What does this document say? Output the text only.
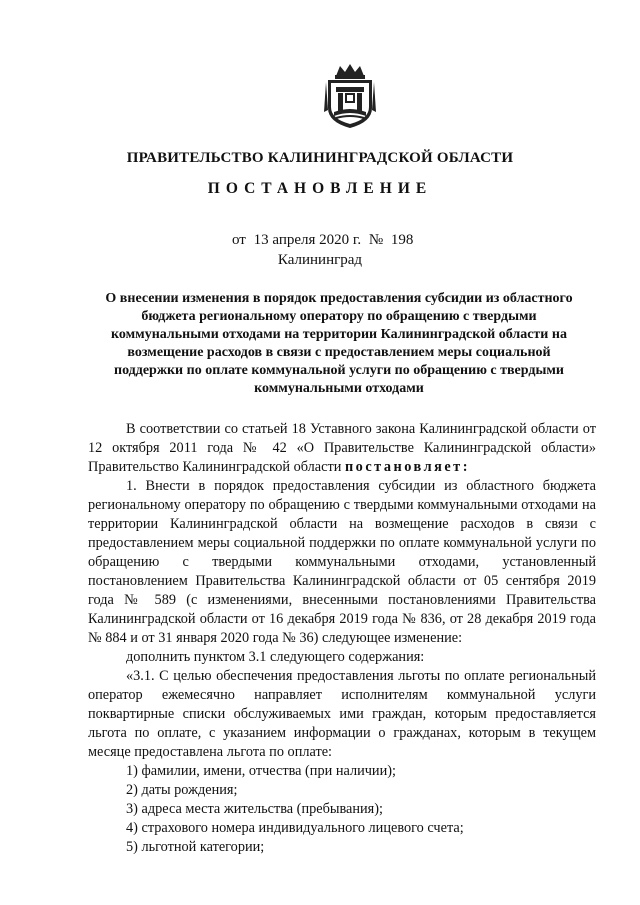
ПРАВИТЕЛЬСТВО КАЛИНИНГРАДСКОЙ ОБЛАСТИ
ПОСТАНОВЛЕНИЕ
от 13 апреля 2020 г. № 198
Калининград
О внесении изменения в порядок предоставления субсидии из областного
бюджета региональному оператору по обращению с твердыми
коммунальными отходами на территории Калининградской области на
возмещение расходов в связи с предоставлением меры социальной
поддержки по оплате коммунальной услуги по обращению с твердыми
коммунальными отходами

В соответствии со статьей 18 Уставного закона Калининградской области от 12 октября 2011 года № 42 «О Правительстве Калининградской области» Правительство Калининградской области постановляет:

1. Внести в порядок предоставления субсидии из областного бюджета региональному оператору по обращению с твердыми коммунальными отходами на территории Калининградской области на возмещение расходов в связи с предоставлением меры социальной поддержки по оплате коммунальной услуги по обращению с твердыми коммунальными отходами, установленный постановлением Правительства Калининградской области от 05 сентября 2019 года № 589 (с изменениями, внесенными постановлениями Правительства Калининградской области от 16 декабря 2019 года № 836, от 28 декабря 2019 года № 884 и от 31 января 2020 года № 36) следующее изменение:

дополнить пунктом 3.1 следующего содержания:

«3.1. С целью обеспечения предоставления льготы по оплате региональный оператор ежемесячно направляет исполнителям коммунальной услуги поквартирные списки обслуживаемых ими граждан, которым предоставляется льгота по оплате, с указанием информации о гражданах, которым в текущем месяце предоставлена льгота по оплате:

1) фамилии, имени, отчества (при наличии);

2) даты рождения;

3) адреса места жительства (пребывания);

4) страхового номера индивидуального лицевого счета;

5) льготной категории;
